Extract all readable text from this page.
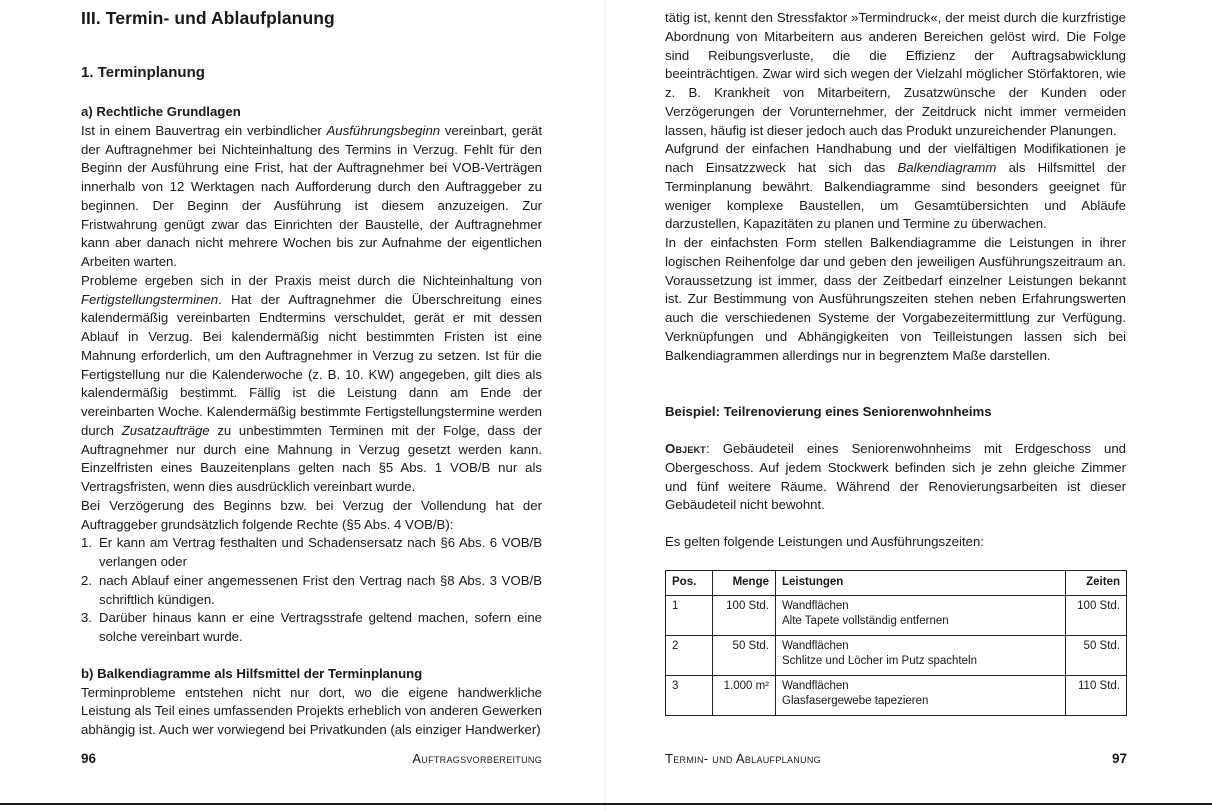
III. Termin- und Ablaufplanung
1. Terminplanung

a) Rechtliche Grundlagen

Ist in einem Bauvertrag ein verbindlicher Ausführungsbeginn vereinbart, gerät der Auftragnehmer bei Nichteinhaltung des Termins in Verzug. Fehlt für den Beginn der Ausführung eine Frist, hat der Auftragnehmer bei VOB-Verträgen innerhalb von 12 Werktagen nach Aufforderung durch den Auftraggeber zu beginnen. Der Beginn der Ausführung ist diesem anzuzeigen. Zur Fristwahrung genügt zwar das Einrichten der Baustelle, der Auftragnehmer kann aber danach nicht mehrere Wochen bis zur Aufnahme der eigentlichen Arbeiten warten.

Probleme ergeben sich in der Praxis meist durch die Nichteinhaltung von Fertigstellungsterminen. Hat der Auftragnehmer die Überschreitung eines kalendermäßig vereinbarten Endtermins verschuldet, gerät er mit dessen Ablauf in Verzug. Bei kalendermäßig nicht bestimmten Fristen ist eine Mahnung erforderlich, um den Auftragnehmer in Verzug zu setzen. Ist für die Fertigstellung nur die Kalenderwoche (z. B. 10. KW) angegeben, gilt dies als kalendermäßig bestimmt. Fällig ist die Leistung dann am Ende der vereinbarten Woche. Kalendermäßig bestimmte Fertigstellungstermine werden durch Zusatzaufträge zu unbestimmten Terminen mit der Folge, dass der Auftragnehmer nur durch eine Mahnung in Verzug gesetzt werden kann. Einzelfristen eines Bauzeitenplans gelten nach §5 Abs. 1 VOB/B nur als Vertragsfristen, wenn dies ausdrücklich vereinbart wurde.

Bei Verzögerung des Beginns bzw. bei Verzug der Vollendung hat der Auftraggeber grundsätzlich folgende Rechte (§5 Abs. 4 VOB/B):

1. Er kann am Vertrag festhalten und Schadensersatz nach §6 Abs. 6 VOB/B verlangen oder
2. nach Ablauf einer angemessenen Frist den Vertrag nach §8 Abs. 3 VOB/B schriftlich kündigen.
3. Darüber hinaus kann er eine Vertragsstrafe geltend machen, sofern eine solche vereinbart wurde.

b) Balkendiagramme als Hilfsmittel der Terminplanung

Terminprobleme entstehen nicht nur dort, wo die eigene handwerkliche Leistung als Teil eines umfassenden Projekts erheblich von anderen Gewerken abhängig ist. Auch wer vorwiegend bei Privatkunden (als einziger Handwerker)

96	Auftragsvorbereitung

tätig ist, kennt den Stressfaktor »Termindruck«, der meist durch die kurzfristige Abordnung von Mitarbeitern aus anderen Bereichen gelöst wird. Die Folge sind Reibungsverluste, die die Effizienz der Auftragsabwicklung beeinträchtigen. Zwar wird sich wegen der Vielzahl möglicher Störfaktoren, wie z. B. Krankheit von Mitarbeitern, Zusatzwünsche der Kunden oder Verzögerungen der Vorunternehmer, der Zeitdruck nicht immer vermeiden lassen, häufig ist dieser jedoch auch das Produkt unzureichender Planungen.

Aufgrund der einfachen Handhabung und der vielfältigen Modifikationen je nach Einsatzzweck hat sich das Balkendiagramm als Hilfsmittel der Terminplanung bewährt. Balkendiagramme sind besonders geeignet für weniger komplexe Baustellen, um Gesamtübersichten und Abläufe darzustellen, Kapazitäten zu planen und Termine zu überwachen.

In der einfachsten Form stellen Balkendiagramme die Leistungen in ihrer logischen Reihenfolge dar und geben den jeweiligen Ausführungszeitraum an. Voraussetzung ist immer, dass der Zeitbedarf einzelner Leistungen bekannt ist. Zur Bestimmung von Ausführungszeiten stehen neben Erfahrungswerten auch die verschiedenen Systeme der Vorgabezeitermittlung zur Verfügung. Verknüpfungen und Abhängigkeiten von Teilleistungen lassen sich bei Balkendiagrammen allerdings nur in begrenztem Maße darstellen.

Beispiel: Teilrenovierung eines Seniorenwohnheims

Objekt: Gebäudeteil eines Seniorenwohnheims mit Erdgeschoss und Obergeschoss. Auf jedem Stockwerk befinden sich je zehn gleiche Zimmer und fünf weitere Räume. Während der Renovierungsarbeiten ist dieser Gebäudeteil nicht bewohnt.

Es gelten folgende Leistungen und Ausführungszeiten:

Pos.	Menge	Leistungen	Zeiten
1	100 Std.	Wandflächen
Alte Tapete vollständig entfernen	100 Std.
2	50 Std.	Wandflächen
Schlitze und Löcher im Putz spachteln	50 Std.
3	1.000 m²	Wandflächen
Glasfasergewebe tapezieren	110 Std.
Termin- und Ablaufplanung	97
